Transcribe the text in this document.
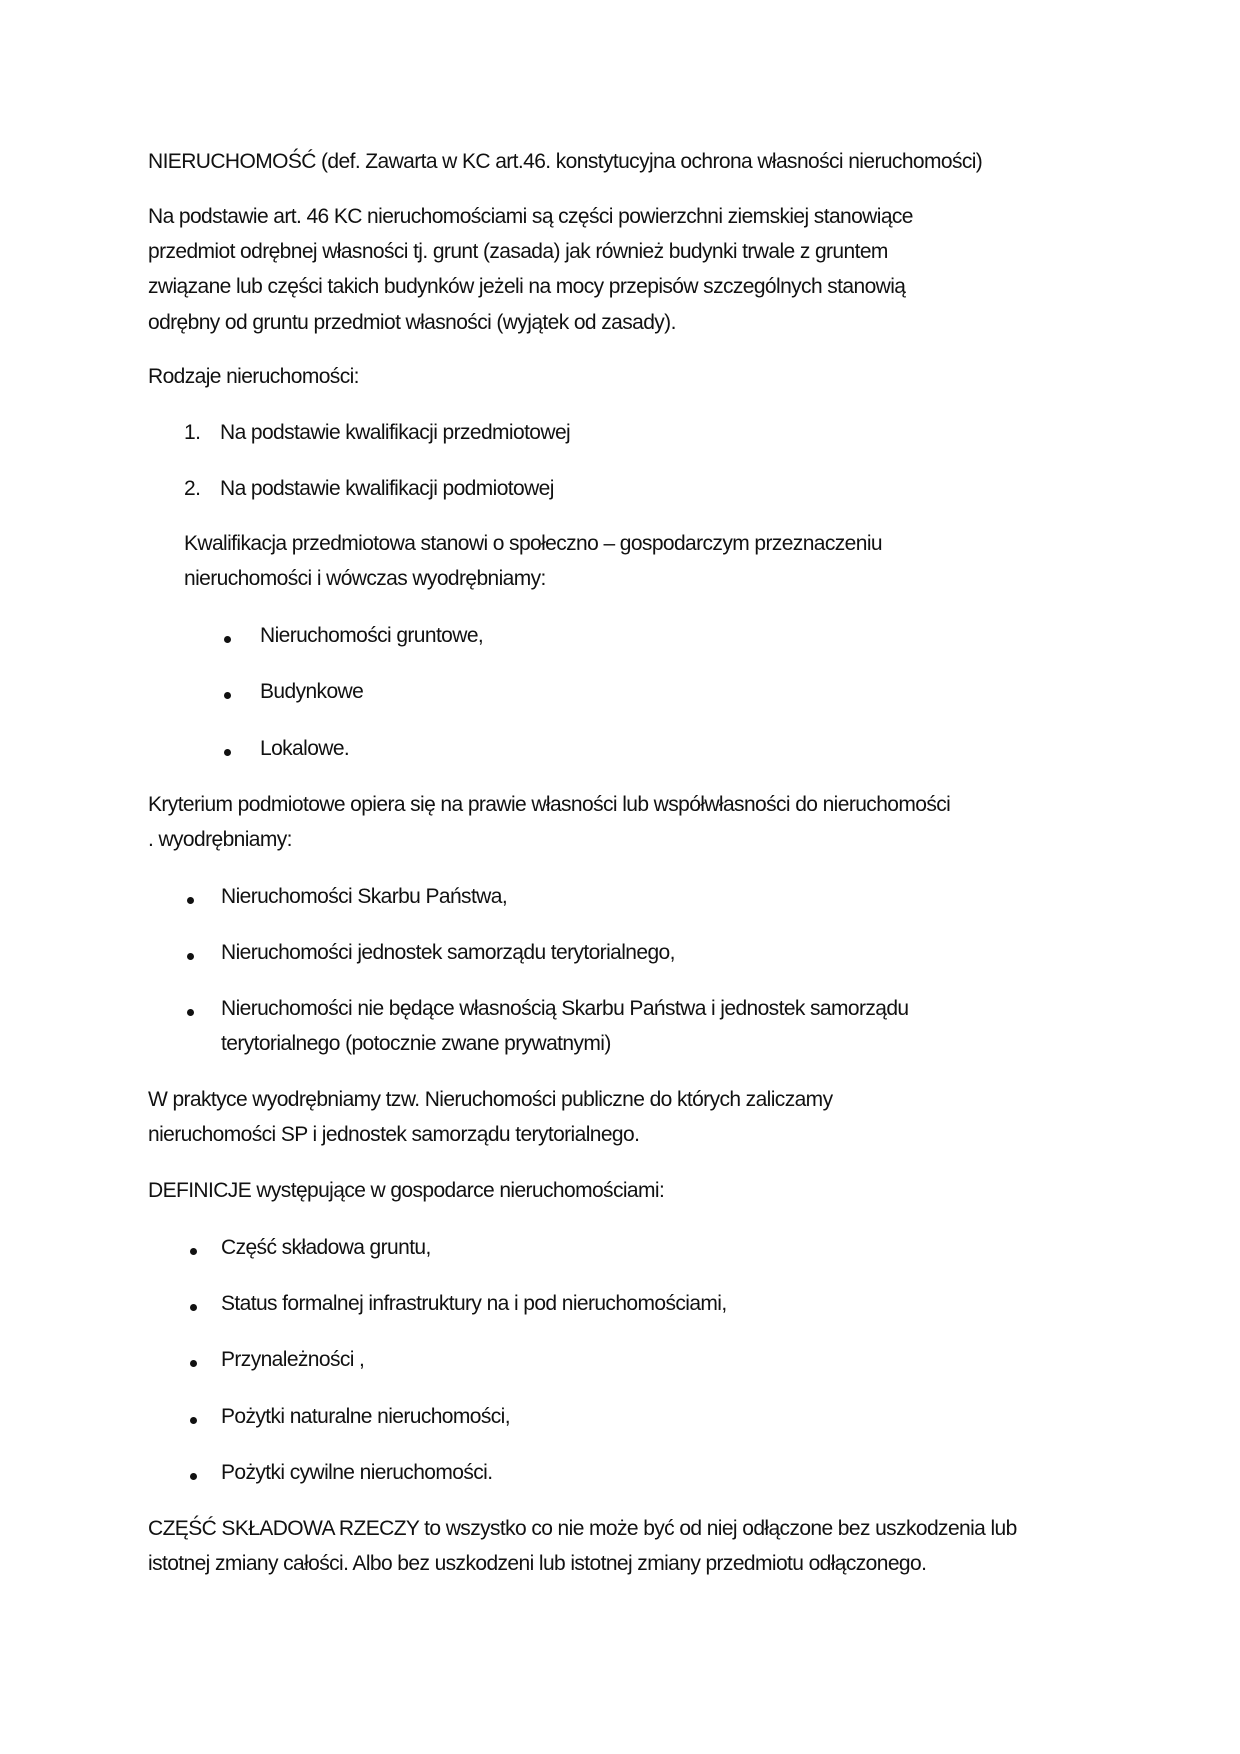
NIERUCHOMOŚĆ (def. Zawarta w KC art.46. konstytucyjna ochrona własności nieruchomości)
Na podstawie art. 46 KC nieruchomościami są części powierzchni ziemskiej stanowiące
przedmiot odrębnej własności tj. grunt (zasada) jak również budynki trwale z gruntem
związane lub części takich budynków jeżeli na mocy przepisów szczególnych stanowią
odrębny od gruntu przedmiot własności (wyjątek od zasady).
Rodzaje nieruchomości:
1. Na podstawie kwalifikacji przedmiotowej
2. Na podstawie kwalifikacji podmiotowej
Kwalifikacja przedmiotowa stanowi o społeczno – gospodarczym przeznaczeniu
nieruchomości i wówczas wyodrębniamy:
Nieruchomości gruntowe,
Budynkowe
Lokalowe.
Kryterium podmiotowe opiera się na prawie własności lub współwłasności do nieruchomości
. wyodrębniamy:
Nieruchomości Skarbu Państwa,
Nieruchomości jednostek samorządu terytorialnego,
Nieruchomości nie będące własnością Skarbu Państwa i jednostek samorządu
terytorialnego (potocznie zwane prywatnymi)
W praktyce wyodrębniamy tzw. Nieruchomości publiczne do których zaliczamy
nieruchomości SP i jednostek samorządu terytorialnego.
DEFINICJE występujące w gospodarce nieruchomościami:
Część składowa gruntu,
Status formalnej infrastruktury na i pod nieruchomościami,
Przynależności ,
Pożytki naturalne nieruchomości,
Pożytki cywilne nieruchomości.
CZĘŚĆ SKŁADOWA RZECZY to wszystko co nie może być od niej odłączone bez uszkodzenia lub
istotnej zmiany całości. Albo bez uszkodzeni lub istotnej zmiany przedmiotu odłączonego.
